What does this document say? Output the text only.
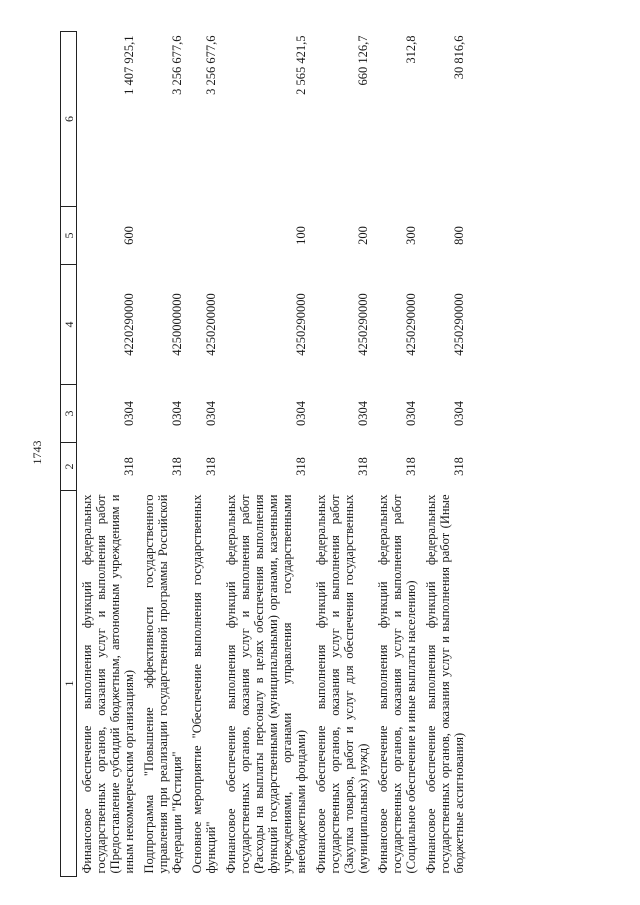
1743
1	2	3	4	5	6
Финансовое обеспечение выполнения функций федеральных государственных органов, оказания услуг и выполнения работ (Предоставление субсидий бюджетным, автономным учреждениям и иным некоммерческим организациям)	318	0304	4220290000	600	1 407 925,1
Подпрограмма "Повышение эффективности государственного управления при реализации государственной программы Российской Федерации "Юстиция"	318	0304	4250000000		3 256 677,6
Основное мероприятие "Обеспечение выполнения государственных функций"	318	0304	4250200000		3 256 677,6
Финансовое обеспечение выполнения функций федеральных государственных органов, оказания услуг и выполнения работ (Расходы на выплаты персоналу в целях обеспечения выполнения функций государственными (муниципальными) органами, казенными учреждениями, органами управления государственными внебюджетными фондами)	318	0304	4250290000	100	2 565 421,5
Финансовое обеспечение выполнения функций федеральных государственных органов, оказания услуг и выполнения работ (Закупка товаров, работ и услуг для обеспечения государственных (муниципальных) нужд)	318	0304	4250290000	200	660 126,7
Финансовое обеспечение выполнения функций федеральных государственных органов, оказания услуг и выполнения работ (Социальное обеспечение и иные выплаты населению)	318	0304	4250290000	300	312,8
Финансовое обеспечение выполнения функций федеральных государственных органов, оказания услуг и выполнения работ (Иные бюджетные ассигнования)	318	0304	4250290000	800	30 816,6
